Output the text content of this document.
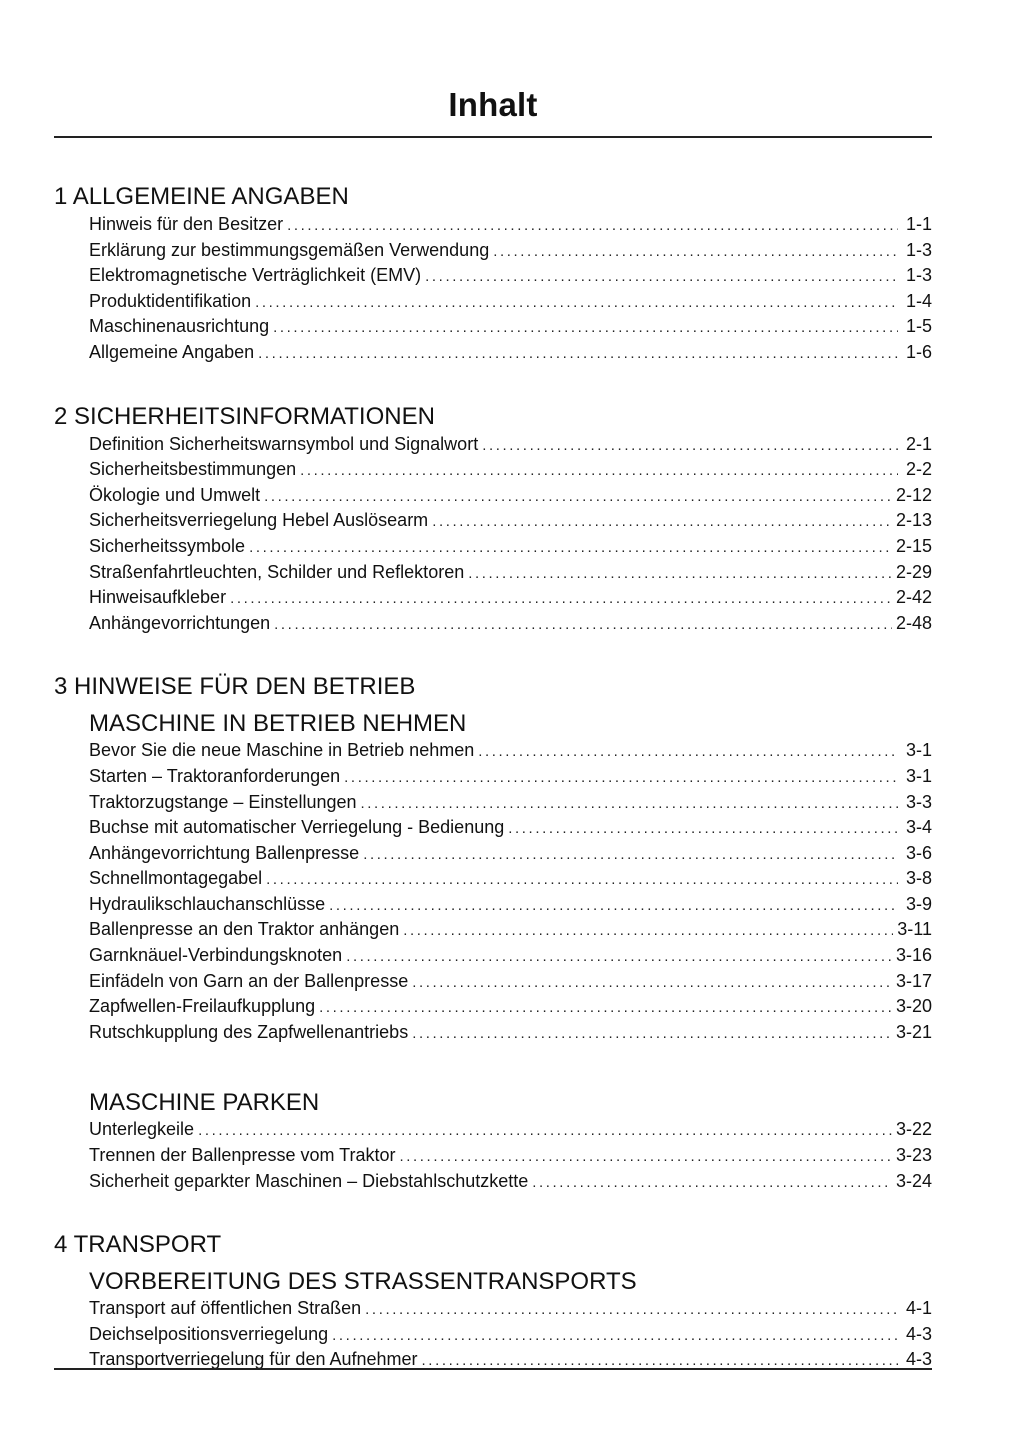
Inhalt
1 ALLGEMEINE ANGABEN
Hinweis für den Besitzer .....	1-1
Erklärung zur bestimmungsgemäßen Verwendung .....	1-3
Elektromagnetische Verträglichkeit (EMV) .....	1-3
Produktidentifikation .....	1-4
Maschinenausrichtung .....	1-5
Allgemeine Angaben .....	1-6
2 SICHERHEITSINFORMATIONEN
Definition Sicherheitswarnsymbol und Signalwort .....	2-1
Sicherheitsbestimmungen .....	2-2
Ökologie und Umwelt .....	2-12
Sicherheitsverriegelung Hebel Auslösearm .....	2-13
Sicherheitssymbole .....	2-15
Straßenfahrtleuchten, Schilder und Reflektoren .....	2-29
Hinweisaufkleber .....	2-42
Anhängevorrichtungen .....	2-48
3 HINWEISE FÜR DEN BETRIEB
MASCHINE IN BETRIEB NEHMEN
Bevor Sie die neue Maschine in Betrieb nehmen .....	3-1
Starten – Traktoranforderungen .....	3-1
Traktorzugstange – Einstellungen .....	3-3
Buchse mit automatischer Verriegelung - Bedienung .....	3-4
Anhängevorrichtung Ballenpresse .....	3-6
Schnellmontagegabel .....	3-8
Hydraulikschlauchanschlüsse .....	3-9
Ballenpresse an den Traktor anhängen .....	3-11
Garnknäuel-Verbindungsknoten .....	3-16
Einfädeln von Garn an der Ballenpresse .....	3-17
Zapfwellen-Freilaufkupplung .....	3-20
Rutschkupplung des Zapfwellenantriebs .....	3-21
MASCHINE PARKEN
Unterlegkeile .....	3-22
Trennen der Ballenpresse vom Traktor .....	3-23
Sicherheit geparkter Maschinen – Diebstahlschutzkette .....	3-24
4 TRANSPORT
VORBEREITUNG DES STRASSENTRANSPORTS
Transport auf öffentlichen Straßen .....	4-1
Deichselpositionsverriegelung .....	4-3
Transportverriegelung für den Aufnehmer .....	4-3
